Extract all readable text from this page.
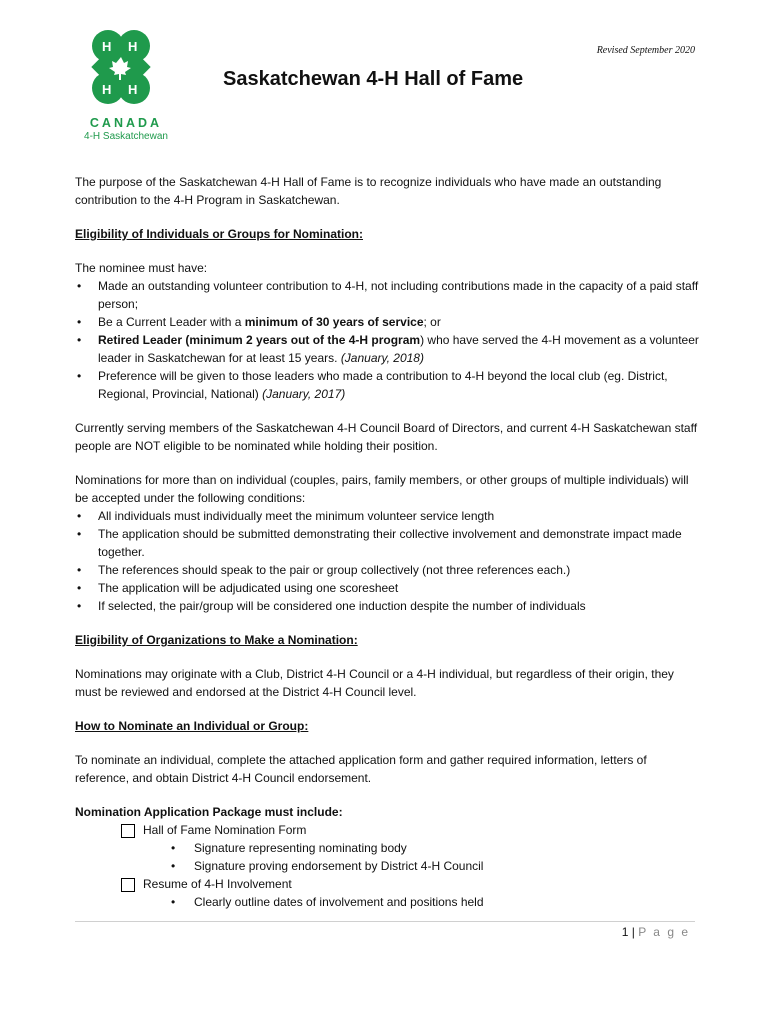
H H
H H
CANADA
4-H Saskatchewan
Revised September 2020
Saskatchewan 4-H Hall of Fame

The purpose of the Saskatchewan 4-H Hall of Fame is to recognize individuals who have made an outstanding contribution to the 4-H Program in Saskatchewan.

Eligibility of Individuals or Groups for Nomination:

The nominee must have:

• Made an outstanding volunteer contribution to 4-H, not including contributions made in the capacity of a paid staff person;
• Be a Current Leader with a minimum of 30 years of service; or
• Retired Leader (minimum 2 years out of the 4-H program) who have served the 4-H movement as a volunteer leader in Saskatchewan for at least 15 years. (January, 2018)
• Preference will be given to those leaders who made a contribution to 4-H beyond the local club (eg. District, Regional, Provincial, National) (January, 2017)

Currently serving members of the Saskatchewan 4-H Council Board of Directors, and current 4-H Saskatchewan staff people are NOT eligible to be nominated while holding their position.

Nominations for more than on individual (couples, pairs, family members, or other groups of multiple individuals) will be accepted under the following conditions:

• All individuals must individually meet the minimum volunteer service length
• The application should be submitted demonstrating their collective involvement and demonstrate impact made together.
• The references should speak to the pair or group collectively (not three references each.)
• The application will be adjudicated using one scoresheet
• If selected, the pair/group will be considered one induction despite the number of individuals

Eligibility of Organizations to Make a Nomination:

Nominations may originate with a Club, District 4-H Council or a 4-H individual, but regardless of their origin, they must be reviewed and endorsed at the District 4-H Council level.

How to Nominate an Individual or Group:

To nominate an individual, complete the attached application form and gather required information, letters of reference, and obtain District 4-H Council endorsement.

Nomination Application Package must include:

Hall of Fame Nomination Form
• Signature representing nominating body
• Signature proving endorsement by District 4-H Council
Resume of 4-H Involvement
• Clearly outline dates of involvement and positions held
1 | P a g e
